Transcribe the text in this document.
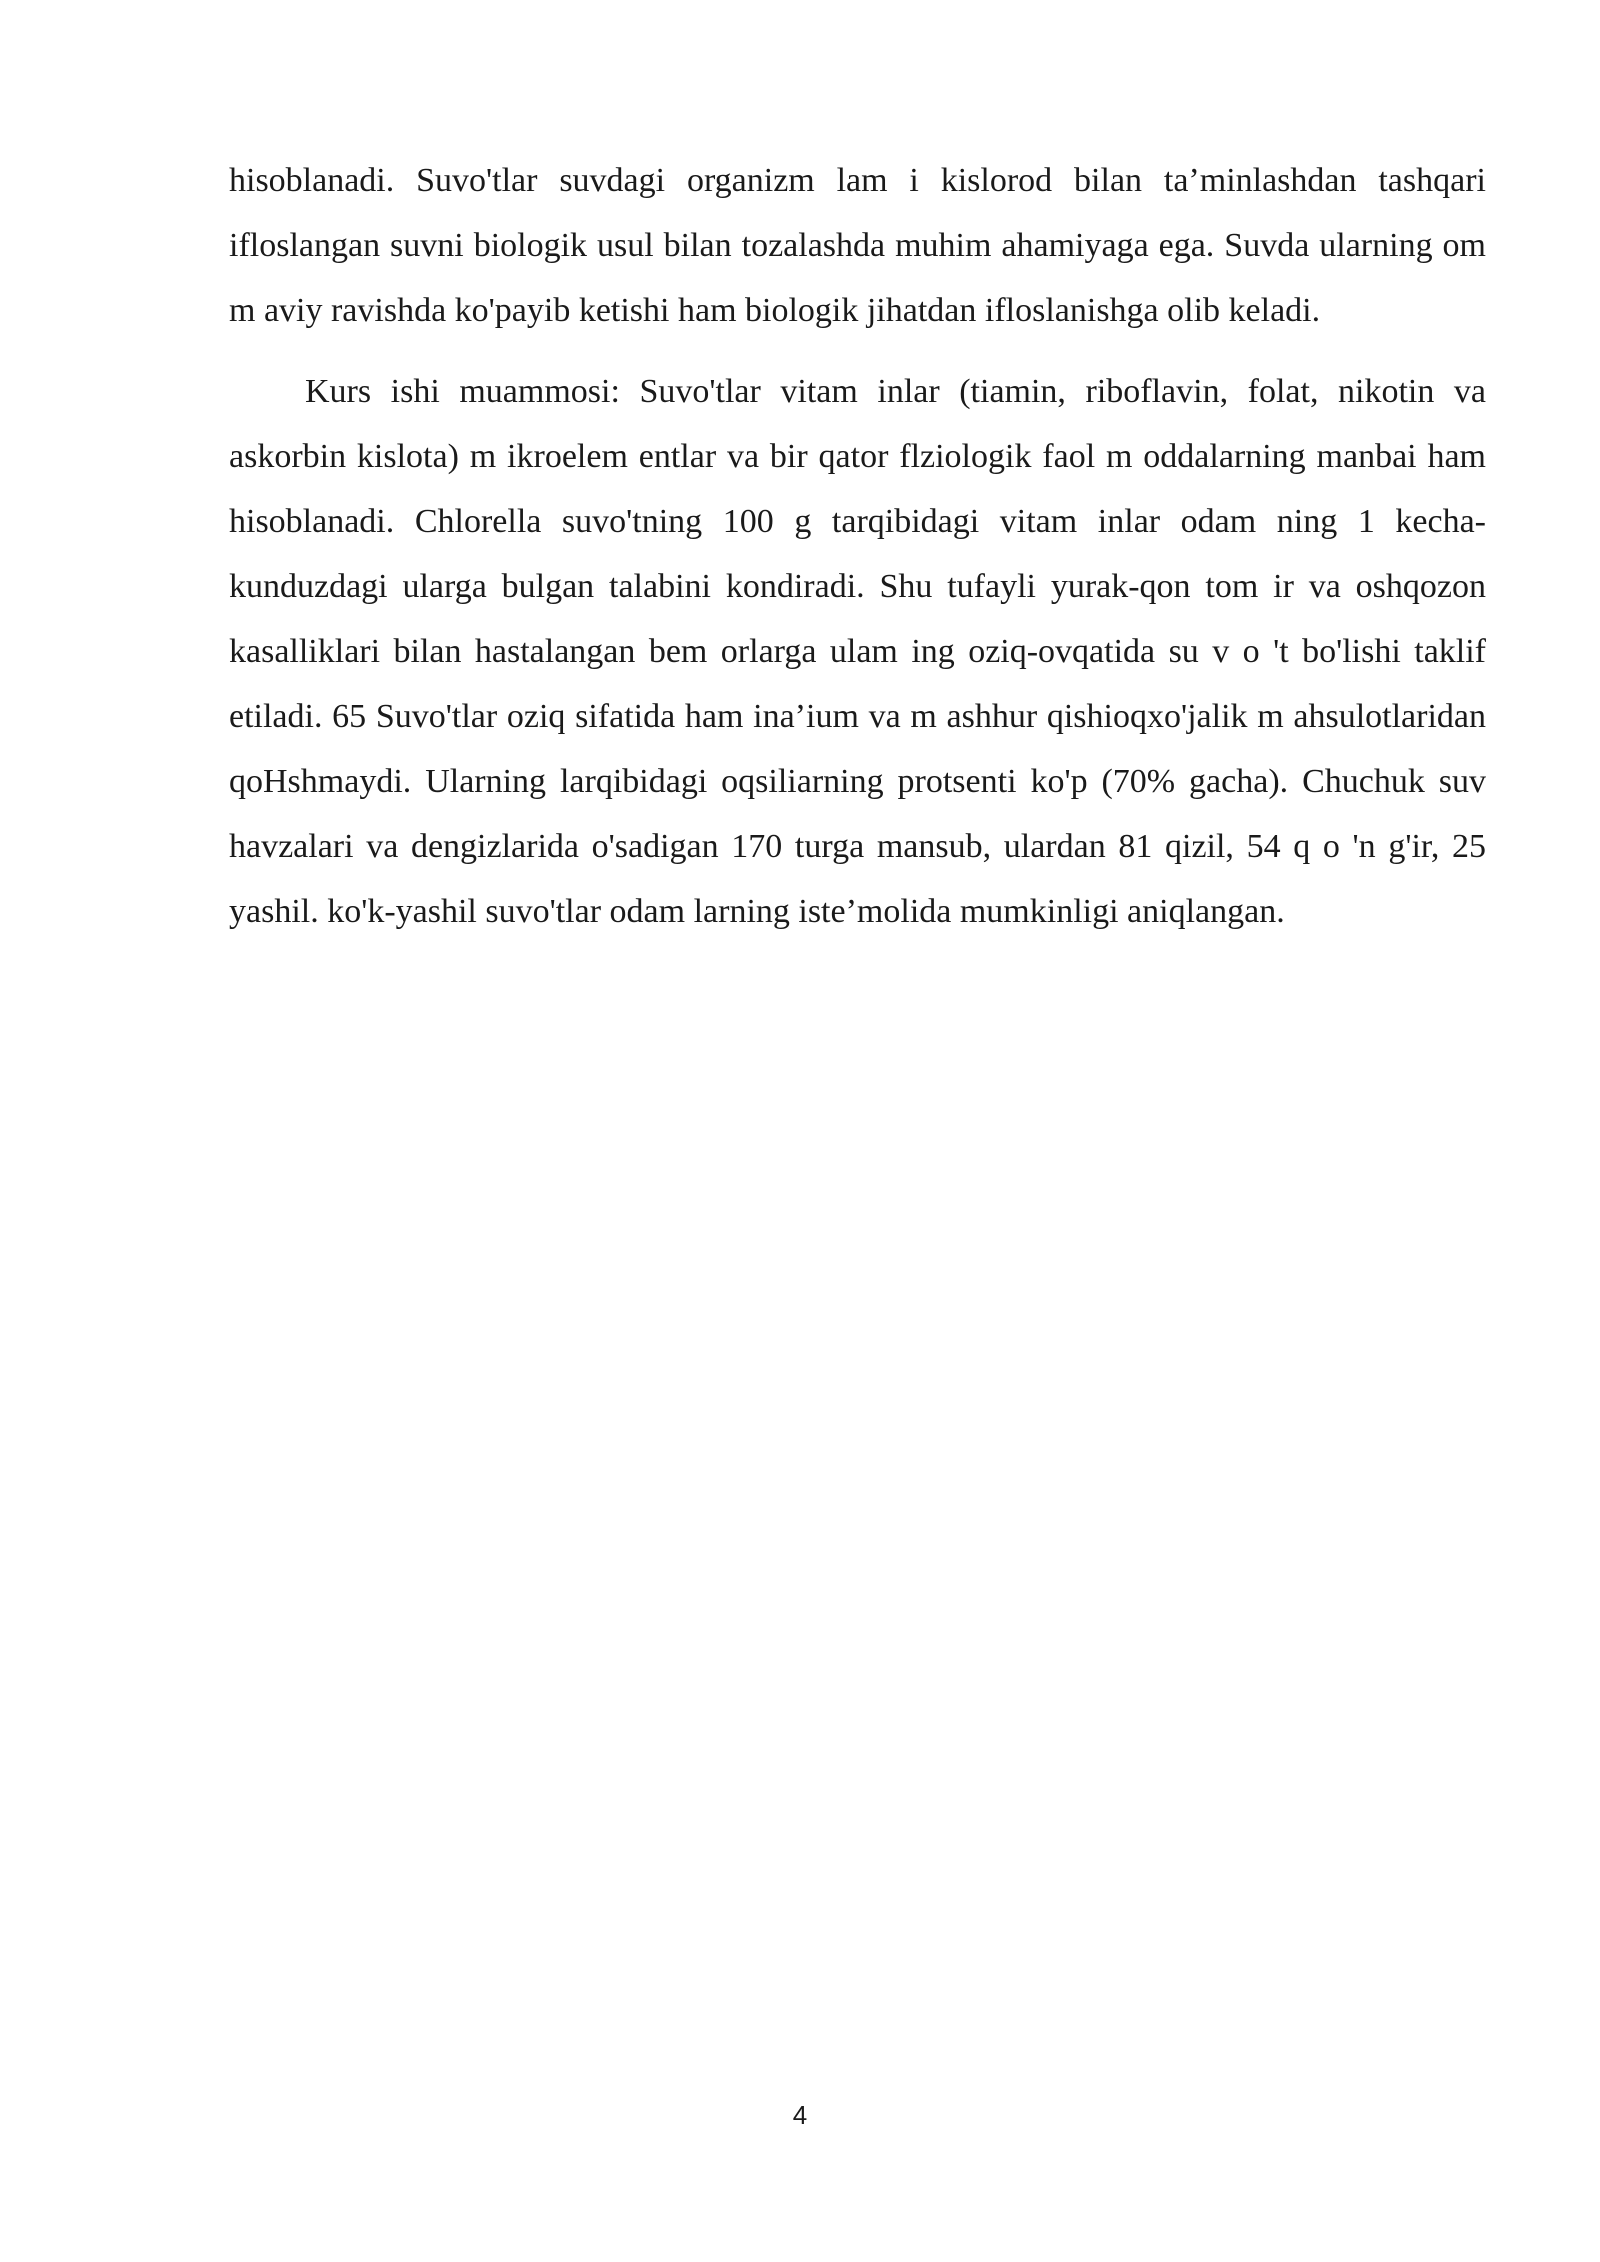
hisoblanadi. Suvo'tlar suvdagi organizm lam i kislorod bilan ta’minlashdan tashqari ifloslangan suvni biologik usul bilan tozalashda muhim ahamiyaga ega. Suvda ularning om m aviy ravishda ko'payib ketishi ham biologik jihatdan ifloslanishga olib keladi.

Kurs ishi muammosi: Suvo'tlar vitam inlar (tiamin, riboflavin, folat, nikotin va askorbin kislota) m ikroelem entlar va bir qator flziologik faol m oddalarning manbai ham hisoblanadi. Chlorella suvo'tning 100 g tarqibidagi vitam inlar odam ning 1 kecha-kunduzdagi ularga bulgan talabini kondiradi. Shu tufayli yurak-qon tom ir va oshqozon kasalliklari bilan hastalangan bem orlarga ulam ing oziq-ovqatida su v o 't bo'lishi taklif etiladi. 65 Suvo'tlar oziq sifatida ham ina’ium va m ashhur qishioqxo'jalik m ahsulotlaridan qoHshmaydi. Ularning larqibidagi oqsiliarning protsenti ko'p (70% gacha). Chuchuk suv havzalari va dengizlarida o'sadigan 170 turga mansub, ulardan 81 qizil, 54 q o 'n g'ir, 25 yashil. ko'k-yashil suvo'tlar odam larning iste’molida mumkinligi aniqlangan.

4
